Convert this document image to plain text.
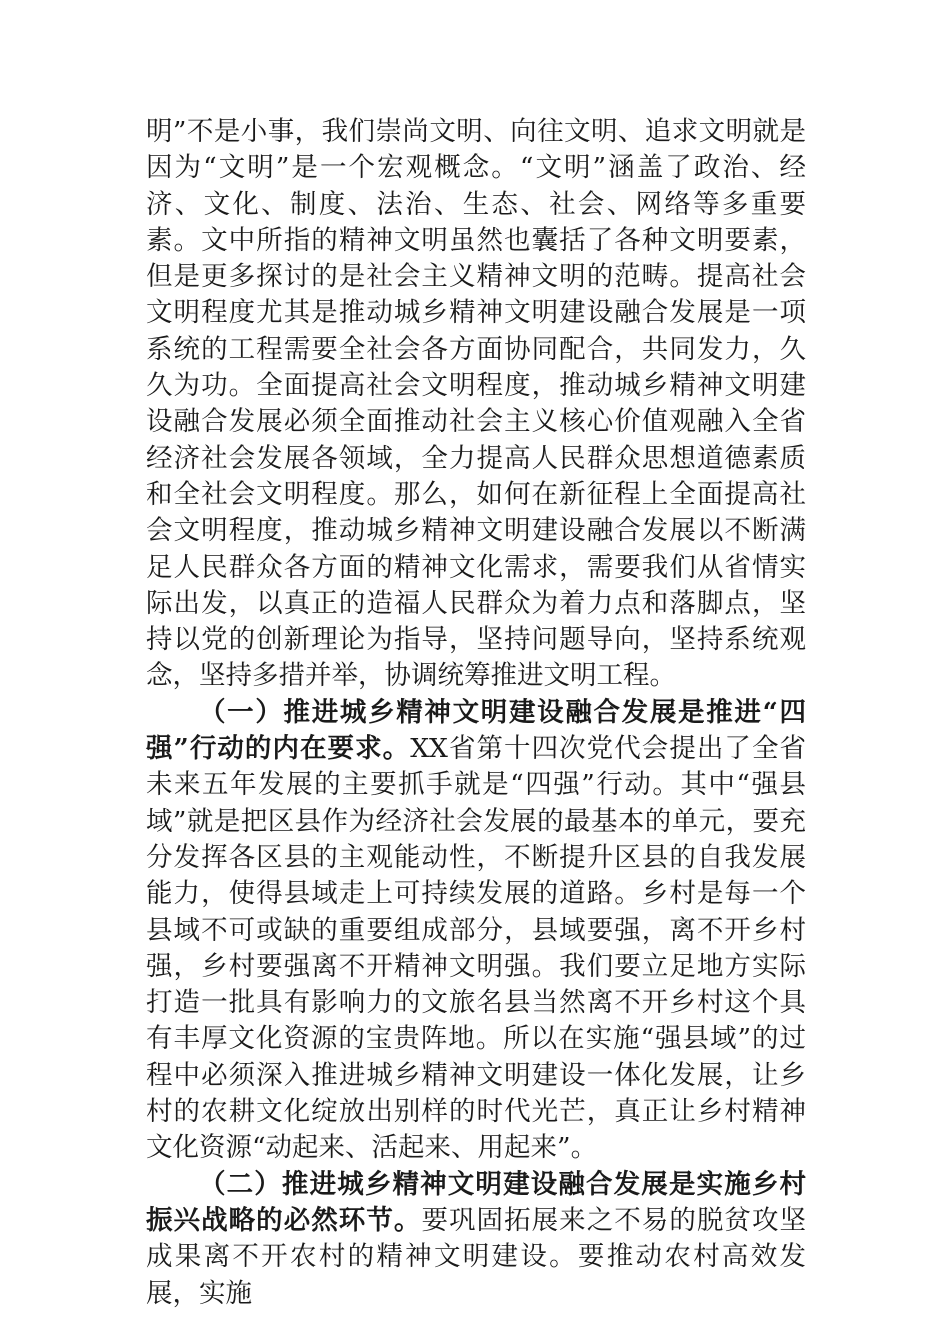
明”不是小事，我们崇尚文明、向往文明、追求文明就是因为“文明”是一个宏观概念。“文明”涵盖了政治、经济、文化、制度、法治、生态、社会、网络等多重要素。文中所指的精神文明虽然也囊括了各种文明要素，但是更多探讨的是社会主义精神文明的范畴。提高社会文明程度尤其是推动城乡精神文明建设融合发展是一项系统的工程需要全社会各方面协同配合，共同发力，久久为功。全面提高社会文明程度，推动城乡精神文明建设融合发展必须全面推动社会主义核心价值观融入全省经济社会发展各领域，全力提高人民群众思想道德素质和全社会文明程度。那么，如何在新征程上全面提高社会文明程度，推动城乡精神文明建设融合发展以不断满足人民群众各方面的精神文化需求，需要我们从省情实际出发，以真正的造福人民群众为着力点和落脚点，坚持以党的创新理论为指导，坚持问题导向，坚持系统观念，坚持多措并举，协调统筹推进文明工程。

（一）推进城乡精神文明建设融合发展是推进“四强”行动的内在要求。XX省第十四次党代会提出了全省未来五年发展的主要抓手就是“四强”行动。其中“强县域”就是把区县作为经济社会发展的最基本的单元，要充分发挥各区县的主观能动性，不断提升区县的自我发展能力，使得县域走上可持续发展的道路。乡村是每一个县域不可或缺的重要组成部分，县域要强，离不开乡村强，乡村要强离不开精神文明强。我们要立足地方实际打造一批具有影响力的文旅名县当然离不开乡村这个具有丰厚文化资源的宝贵阵地。所以在实施“强县域”的过程中必须深入推进城乡精神文明建设一体化发展，让乡村的农耕文化绽放出别样的时代光芒，真正让乡村精神文化资源“动起来、活起来、用起来”。

（二）推进城乡精神文明建设融合发展是实施乡村振兴战略的必然环节。要巩固拓展来之不易的脱贫攻坚成果离不开农村的精神文明建设。要推动农村高效发展，实施
